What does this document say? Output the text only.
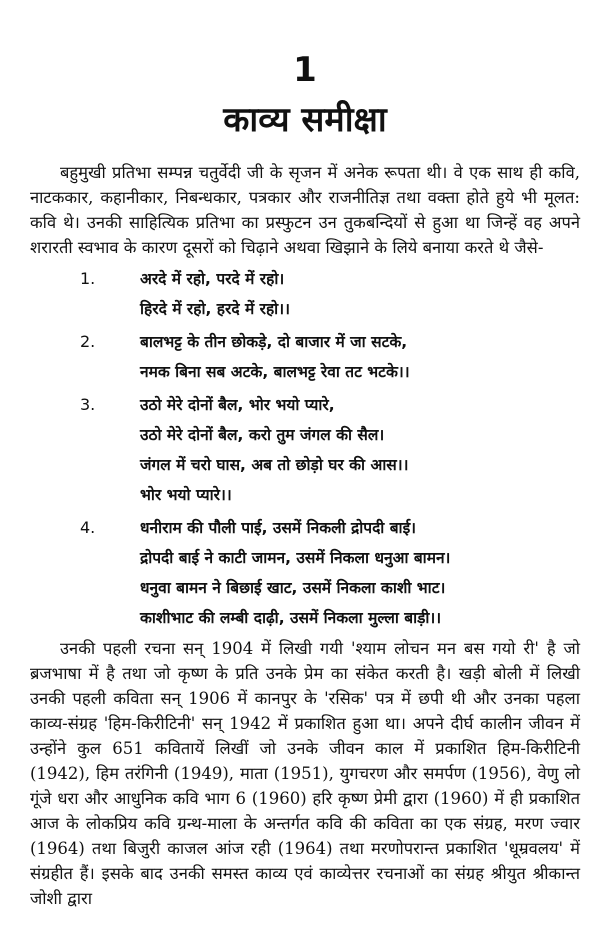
1
काव्य समीक्षा

बहुमुखी प्रतिभा सम्पन्न चतुर्वेदी जी के सृजन में अनेक रूपता थी। वे एक साथ ही कवि, नाटककार, कहानीकार, निबन्धकार, पत्रकार और राजनीतिज्ञ तथा वक्ता होते हुये भी मूलत: कवि थे। उनकी साहित्यिक प्रतिभा का प्रस्फुटन उन तुकबन्दियों से हुआ था जिन्हें वह अपने शरारती स्वभाव के कारण दूसरों को चिढ़ाने अथवा खिझाने के लिये बनाया करते थे जैसे-

1.	अरदे में रहो, परदे में रहो।
हिरदे में रहो, हरदे में रहो।।
2.	बालभट्ट के तीन छोकड़े, दो बाजार में जा सटके,
नमक बिना सब अटके, बालभट्ट रेवा तट भटके।।
3.	उठो मेरे दोनों बैल, भोर भयो प्यारे,
उठो मेरे दोनों बैल, करो तुम जंगल की सैल।
जंगल में चरो घास, अब तो छोड़ो घर की आस।।
भोर भयो प्यारे।।
4.	धनीराम की पौली पाई, उसमें निकली द्रोपदी बाई।
द्रोपदी बाई ने काटी जामन, उसमें निकला धनुआ बामन।
धनुवा बामन ने बिछाई खाट, उसमें निकला काशी भाट।
काशीभाट की लम्बी दाढ़ी, उसमें निकला मुल्ला बाड़ी।।

उनकी पहली रचना सन् 1904 में लिखी गयी 'श्याम लोचन मन बस गयो री' है जो ब्रजभाषा में है तथा जो कृष्ण के प्रति उनके प्रेम का संकेत करती है। खड़ी बोली में लिखी उनकी पहली कविता सन् 1906 में कानपुर के 'रसिक' पत्र में छपी थी और उनका पहला काव्य-संग्रह 'हिम-किरीटिनी' सन् 1942 में प्रकाशित हुआ था। अपने दीर्घ कालीन जीवन में उन्होंने कुल 651 कवितायें लिखीं जो उनके जीवन काल में प्रकाशित हिम-किरीटिनी (1942), हिम तरंगिनी (1949), माता (1951), युगचरण और समर्पण (1956), वेणु लो गूंजे धरा और आधुनिक कवि भाग 6 (1960) हरि कृष्ण प्रेमी द्वारा (1960) में ही प्रकाशित आज के लोकप्रिय कवि ग्रन्थ-माला के अन्तर्गत कवि की कविता का एक संग्रह, मरण ज्वार (1964) तथा बिजुरी काजल आंज रही (1964) तथा मरणोपरान्त प्रकाशित 'धूम्रवलय' में संग्रहीत हैं। इसके बाद उनकी समस्त काव्य एवं काव्येत्तर रचनाओं का संग्रह श्रीयुत श्रीकान्त जोशी द्वारा
